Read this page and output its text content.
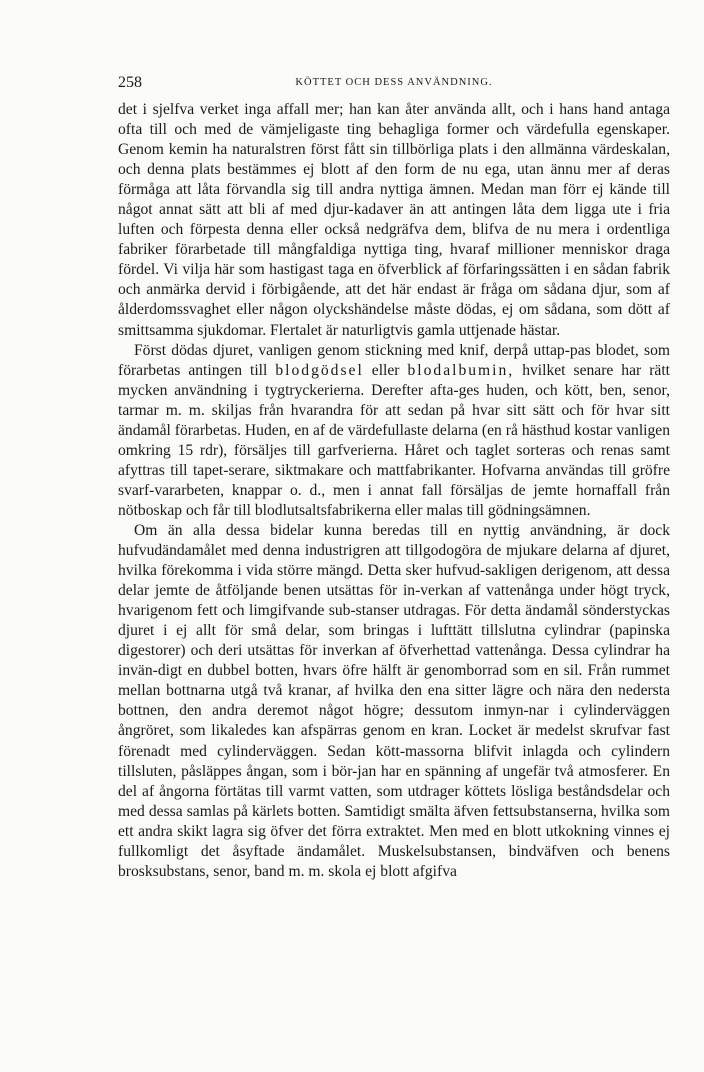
258	KÖTTET OCH DESS ANVÄNDNING.

det i sjelfva verket inga affall mer; han kan åter använda allt, och i hans hand antaga ofta till och med de vämjeligaste ting behagliga former och värdefulla egenskaper. Genom kemin ha naturalstren först fått sin tillbörliga plats i den allmänna värdeskalan, och denna plats bestämmes ej blott af den form de nu ega, utan ännu mer af deras förmåga att låta förvandla sig till andra nyttiga ämnen. Medan man förr ej kände till något annat sätt att bli af med djur-kadaver än att antingen låta dem ligga ute i fria luften och förpesta denna eller också nedgräfva dem, blifva de nu mera i ordentliga fabriker förarbetade till mångfaldiga nyttiga ting, hvaraf millioner menniskor draga fördel. Vi vilja här som hastigast taga en öfverblick af förfaringssätten i en sådan fabrik och anmärka dervid i förbigående, att det här endast är fråga om sådana djur, som af ålderdomssvaghet eller någon olyckshändelse måste dödas, ej om sådana, som dött af smittsamma sjukdomar. Flertalet är naturligtvis gamla uttjenade hästar.

Först dödas djuret, vanligen genom stickning med knif, derpå uttap-pas blodet, som förarbetas antingen till blodgödsel eller blodalbumin, hvilket senare har rätt mycken användning i tygtryckerierna. Derefter afta-ges huden, och kött, ben, senor, tarmar m. m. skiljas från hvarandra för att sedan på hvar sitt sätt och för hvar sitt ändamål förarbetas. Huden, en af de värdefullaste delarna (en rå hästhud kostar vanligen omkring 15 rdr), försäljes till garfverierna. Håret och taglet sorteras och renas samt afyttras till tapet-serare, siktmakare och mattfabrikanter. Hofvarna användas till gröfre svarf-vararbeten, knappar o. d., men i annat fall försäljas de jemte hornaffall från nötboskap och får till blodlutsaltsfabrikerna eller malas till gödningsämnen.

Om än alla dessa bidelar kunna beredas till en nyttig användning, är dock hufvudändamålet med denna industrigren att tillgodogöra de mjukare delarna af djuret, hvilka förekomma i vida större mängd. Detta sker hufvud-sakligen derigenom, att dessa delar jemte de åtföljande benen utsättas för in-verkan af vattenånga under högt tryck, hvarigenom fett och limgifvande sub-stanser utdragas. För detta ändamål sönderstyckas djuret i ej allt för små delar, som bringas i lufttätt tillslutna cylindrar (papinska digestorer) och deri utsättas för inverkan af öfverhettad vattenånga. Dessa cylindrar ha invän-digt en dubbel botten, hvars öfre hälft är genomborrad som en sil. Från rummet mellan bottnarna utgå två kranar, af hvilka den ena sitter lägre och nära den nedersta bottnen, den andra deremot något högre; dessutom inmyn-nar i cylinderväggen ångröret, som likaledes kan afspärras genom en kran. Locket är medelst skrufvar fast förenadt med cylinderväggen. Sedan kött-massorna blifvit inlagda och cylindern tillsluten, påsläppes ångan, som i bör-jan har en spänning af ungefär två atmosferer. En del af ångorna förtätas till varmt vatten, som utdrager köttets lösliga beståndsdelar och med dessa samlas på kärlets botten. Samtidigt smälta äfven fettsubstanserna, hvilka som ett andra skikt lagra sig öfver det förra extraktet. Men med en blott utkokning vinnes ej fullkomligt det åsyftade ändamålet. Muskelsubstansen, bindväfven och benens brosksubstans, senor, band m. m. skola ej blott afgifva
